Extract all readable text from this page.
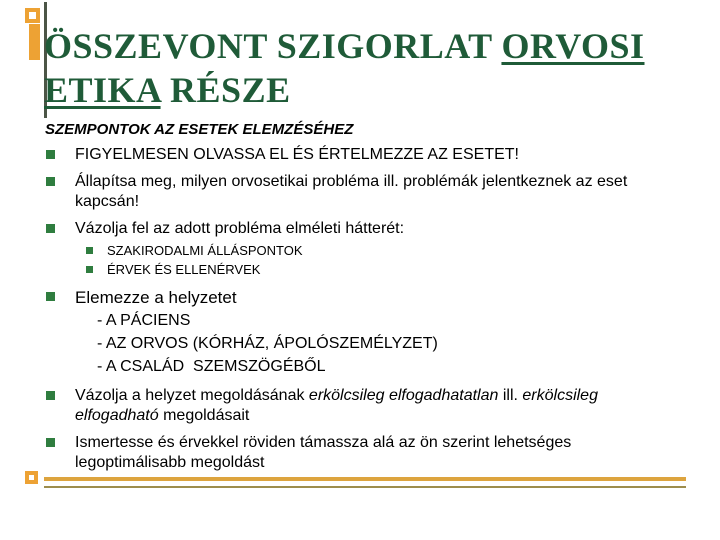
ÖSSZEVONT SZIGORLAT ORVOSI
ETIKA RÉSZE
SZEMPONTOK AZ ESETEK ELEMZÉSÉHEZ
FIGYELMESEN OLVASSA EL ÉS ÉRTELMEZZE AZ ESETET!
Állapítsa meg, milyen orvosetikai probléma ill. problémák jelentkeznek az eset kapcsán!
Vázolja fel az adott probléma elméleti hátterét:
SZAKIRODALMI ÁLLÁSPONTOK
ÉRVEK ÉS ELLENÉRVEK
Elemezze a helyzetet
- A PÁCIENS
- AZ ORVOS (KÓRHÁZ, ÁPOLÓSZEMÉLYZET)
- A CSALÁD  SZEMSZÖGÉBŐL
Vázolja a helyzet megoldásának erkölcsileg elfogadhatatlan ill. erkölcsileg elfogadható megoldásait
Ismertesse és érvekkel röviden támassza alá az ön szerint lehetséges legoptimálisabb megoldást
